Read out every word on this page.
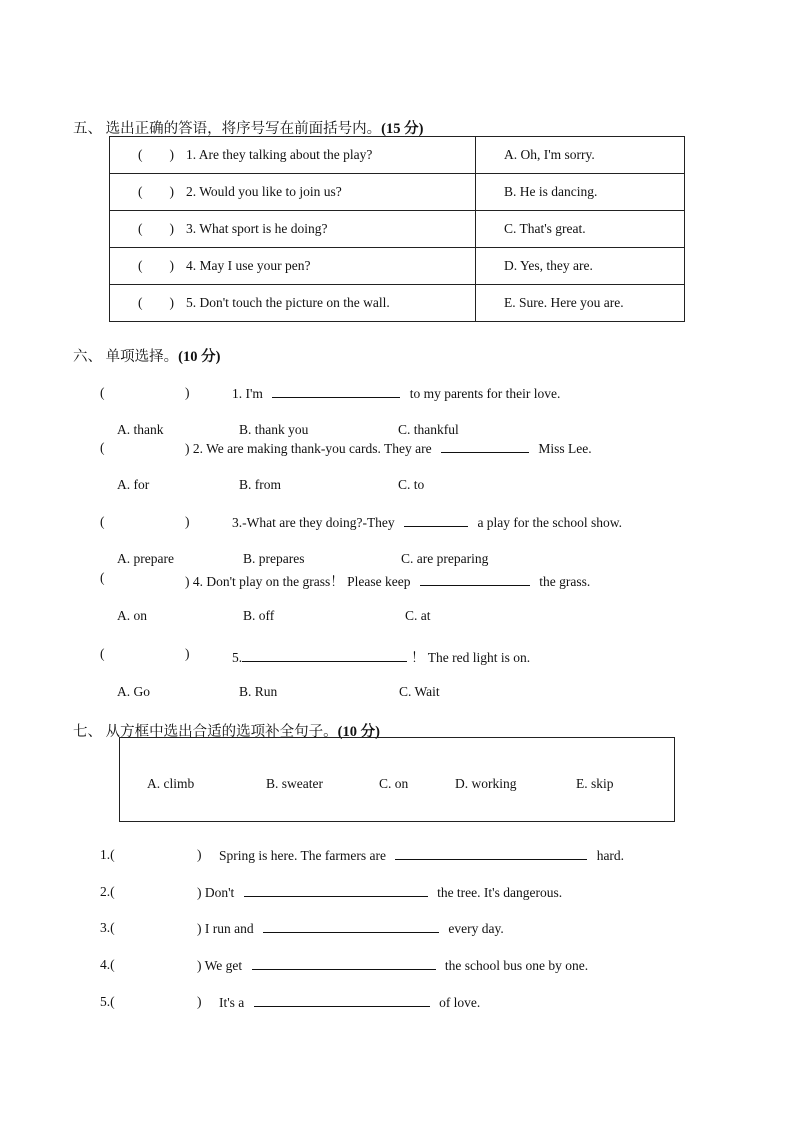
五、 选出正确的答语，将序号写在前面括号内。(15 分)
(        ) 1. Are they talking about the play?	A. Oh, I'm sorry.
(        ) 2. Would you like to join us?	B. He is dancing.
(        ) 3. What sport is he doing?	C. That's great.
(        ) 4. May I use your pen?	D. Yes, they are.
(        ) 5. Don't touch the picture on the wall.	E. Sure. Here you are.
六、 单项选择。(10 分)
(	)	1. I'm	to my parents for their love.
A. thank	B. thank you	C. thankful
(	) 2. We are making thank-you cards. They are	Miss Lee.
A. for	B. from	C. to
(	)	3.-What are they doing?-They	a play for the school show.
A. prepare	B. prepares	C. are preparing
(	) 4. Don't play on the grass！ Please keep	the grass.
A. on	B. off	C. at
(	)	5.	！ The red light is on.
A. Go	B. Run	C. Wait
七、 从方框中选出合适的选项补全句子。(10 分)
A. climb	B. sweater	C. on	D. working	E. skip
1.(	) Spring is here. The farmers are	hard.
2.(	) Don't	the tree. It's dangerous.
3.(	) I run and	every day.
4.(	) We get	the school bus one by one.
5.(	) It's a	of love.
